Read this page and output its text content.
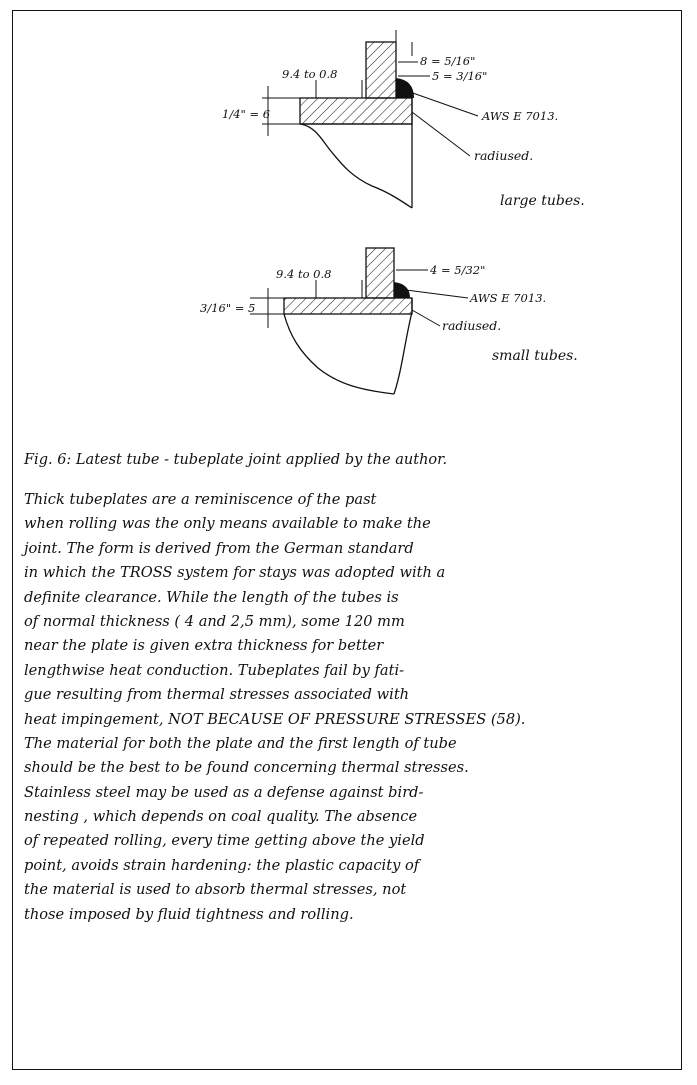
9.4 to 0.8
8 = 5/16"
5 = 3/16"
1/4" = 6	AWS E 7013.
radiused.
large tubes.
9.4 to 0.8	4 = 5/32"
3/16" = 5
AWS E 7013.
radiused.
small tubes.
Fig. 6: Latest tube - tubeplate joint applied by the author.
Thick tubeplates are a reminiscence of the past
when rolling was the only means available to make the
joint. The form is derived from the German standard
in which the TROSS system for stays was adopted with a
definite clearance. While the length of the tubes is
of normal thickness ( 4 and 2,5 mm), some 120 mm
near the plate is given extra thickness for better
lengthwise heat conduction. Tubeplates fail by fati-
gue resulting from thermal stresses associated with
heat impingement, NOT BECAUSE OF PRESSURE STRESSES (58).
The material for both the plate and the first length of tube
should be the best to be found concerning thermal stresses.
Stainless steel may be used as a defense against bird-
nesting , which depends on coal quality. The absence
of repeated rolling, every time getting above the yield
point, avoids strain hardening: the plastic capacity of
the material is used to absorb thermal stresses, not
those imposed by fluid tightness and rolling.
